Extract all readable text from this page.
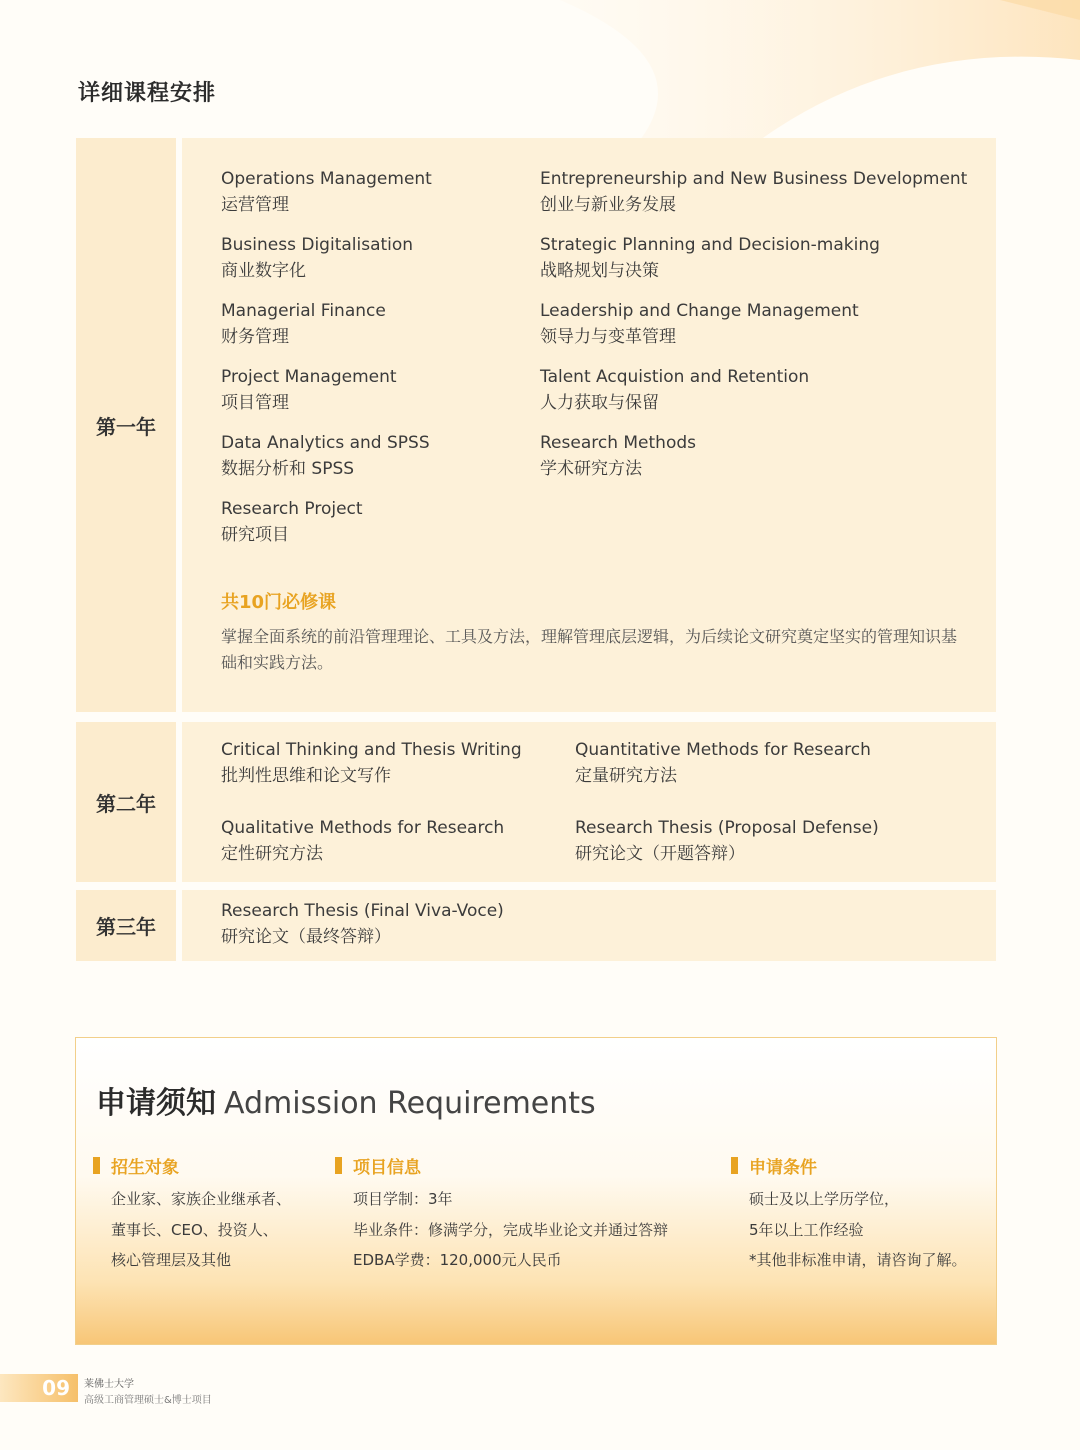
详细课程安排
第一年
Operations Management
运营管理
Entrepreneurship and New Business Development
创业与新业务发展
Business Digitalisation
商业数字化
Strategic Planning and Decision-making
战略规划与决策
Managerial Finance
财务管理
Leadership and Change Management
领导力与变革管理
Project Management
项目管理
Talent Acquistion and Retention
人力获取与保留
Data Analytics and SPSS
数据分析和 SPSS
Research Methods
学术研究方法
Research Project
研究项目
共10门必修课
掌握全面系统的前沿管理理论、工具及方法，理解管理底层逻辑，为后续论文研究奠定坚实的管理知识基础和实践方法。
第二年
Critical Thinking and Thesis Writing
批判性思维和论文写作
Quantitative Methods for Research
定量研究方法
Qualitative Methods for Research
定性研究方法
Research Thesis (Proposal Defense)
研究论文（开题答辩）
第三年
Research Thesis (Final Viva-Voce)
研究论文（最终答辩）
申请须知 Admission Requirements
招生对象
企业家、家族企业继承者、
董事长、CEO、投资人、
核心管理层及其他
项目信息
项目学制：3年
毕业条件：修满学分，完成毕业论文并通过答辩
EDBA学费：120,000元人民币
申请条件
硕士及以上学历学位，
5年以上工作经验
*其他非标准申请，请咨询了解。
09	莱佛士大学
高级工商管理硕士&博士项目
